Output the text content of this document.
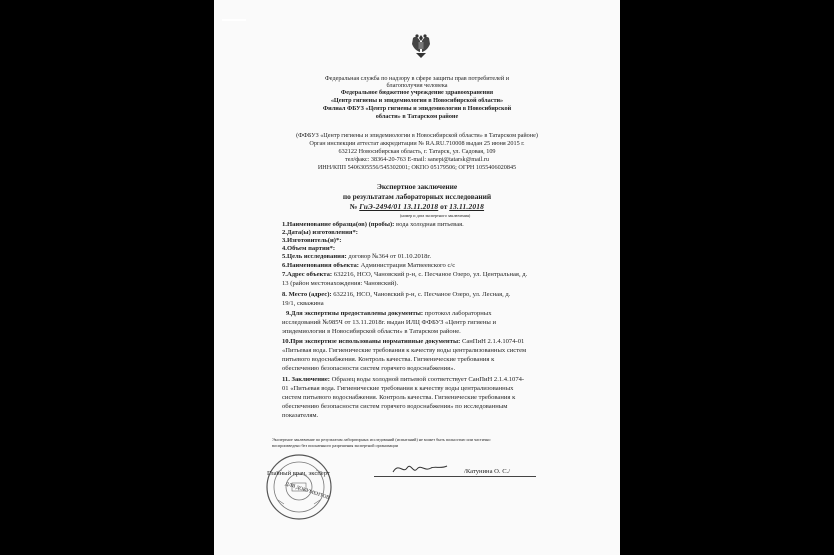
Федеральная служба по надзору в сфере защиты прав потребителей и
благополучия человека
Федеральное бюджетное учреждение здравоохранения
«Центр гигиены и эпидемиологии в Новосибирской области»
Филиал ФБУЗ «Центр гигиены и эпидемиологии в Новосибирской
области» в Татарском районе
(ФФБУЗ «Центр гигиены и эпидемиологии в Новосибирской области» в Татарском районе)
Орган инспекции аттестат аккредитации № RA.RU.710008 выдан 25 июня 2015 г.
632122 Новосибирская область, г. Татарск, ул. Садовая, 109
тел/факс: 38364-20-763 E-mail: sanepi@tatarsk@mail.ru
ИНН/КПП 5406305556/545302001; ОКПО 05179506; ОГРН 1055406020845
Экспертное заключение
по результатам лабораторных исследований
№ ГиЭ-2494/01 13.11.2018 от 13.11.2018
(номер и дата экспертного заключения)
1.Наименование образца(ов) (пробы): вода холодная питьевая.
2.Дата(ы) изготовления*:
3.Изготовитель(и)*:
4.Объем партии*:
5.Цель исследования: договор №364 от 01.10.2018г.
6.Наименования объекта: Администрация Матвеевского с/с
7.Адрес объекта: 632216, НСО, Чановский р-н, с. Песчаное Озеро, ул. Центральная, д.
13 (район местонахождения: Чановский).
8. Место (адрес): 632216, НСО, Чановский р-н, с. Песчаное Озеро, ул. Лесная, д.
19/1, скважина
9.Для экспертизы предоставлены документы: протокол лабораторных
исследований №985Ч от 13.11.2018г. выдан ИЛЦ ФФБУЗ «Центр гигиены и
эпидемиологии в Новосибирской области» в Татарском районе.
10.При экспертизе использованы нормативные документы: СанПиН 2.1.4.1074-01
«Питьевая вода. Гигиенические требования к качеству воды централизованных систем
питьевого водоснабжения. Контроль качества. Гигиенические требования к
обеспечению безопасности систем горячего водоснабжения».
11. Заключение: Образец воды холодной питьевой соответствует СанПиН 2.1.4.1074-
01 «Питьевая вода. Гигиенические требования к качеству воды централизованных
систем питьевого водоснабжения. Контроль качества. Гигиенические требования к
обеспечению безопасности систем горячего водоснабжения» по исследованным
показателям.
Экспертное заключение по результатам лабораторных исследований (испытаний) не может быть полностью или частично
воспроизведено без письменного разрешения экспертной организации
ДЛЯ ДОКУМЕНТОВ
Главный врач, эксперт	/Катунина О. С./
